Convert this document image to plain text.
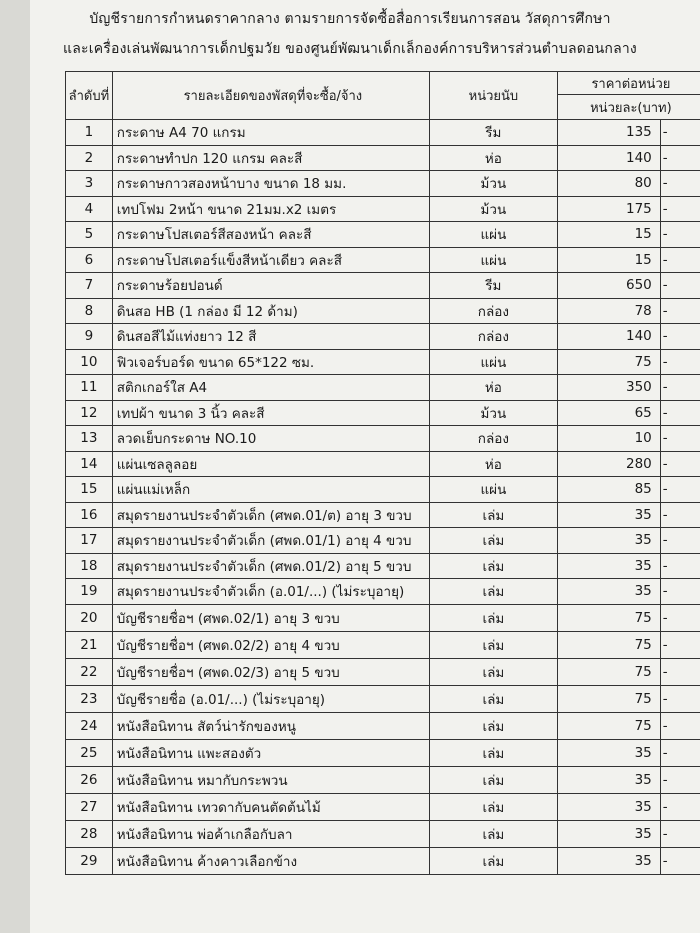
บัญชีรายการกำหนดราคากลาง ตามรายการจัดซื้อสื่อการเรียนการสอน วัสดุการศึกษา
และเครื่องเล่นพัฒนาการเด็กปฐมวัย ของศูนย์พัฒนาเด็กเล็กองค์การบริหารส่วนตำบลดอนกลาง
ลำดับที่	รายละเอียดของพัสดุที่จะซื้อ/จ้าง	หน่วยนับ	ราคาต่อหน่วย	
			หน่วยละ(บาท)	
1	กระดาษ A4 70 แกรม	รีม	135	-
2	กระดาษทำปก 120 แกรม คละสี	ห่อ	140	-
3	กระดาษกาวสองหน้าบาง ขนาด 18 มม.	ม้วน	80	-
4	เทปโฟม 2หน้า ขนาด 21มม.x2 เมตร	ม้วน	175	-
5	กระดาษโปสเตอร์สีสองหน้า คละสี	แผ่น	15	-
6	กระดาษโปสเตอร์แข็งสีหน้าเดียว คละสี	แผ่น	15	-
7	กระดาษร้อยปอนด์	รีม	650	-
8	ดินสอ HB (1 กล่อง มี 12 ด้าม)	กล่อง	78	-
9	ดินสอสีไม้แท่งยาว 12 สี	กล่อง	140	-
10	ฟิวเจอร์บอร์ด ขนาด 65*122 ซม.	แผ่น	75	-
11	สติกเกอร์ใส A4	ห่อ	350	-
12	เทปผ้า ขนาด 3 นิ้ว คละสี	ม้วน	65	-
13	ลวดเย็บกระดาษ NO.10	กล่อง	10	-
14	แผ่นเซลลูลอย	ห่อ	280	-
15	แผ่นแม่เหล็ก	แผ่น	85	-
16	สมุดรายงานประจำตัวเด็ก (ศพด.01/ต) อายุ 3 ขวบ	เล่ม	35	-
17	สมุดรายงานประจำตัวเด็ก (ศพด.01/1) อายุ 4 ขวบ	เล่ม	35	-
18	สมุดรายงานประจำตัวเด็ก (ศพด.01/2) อายุ 5 ขวบ	เล่ม	35	-
19	สมุดรายงานประจำตัวเด็ก (อ.01/...) (ไม่ระบุอายุ)	เล่ม	35	-
20	บัญชีรายชื่อฯ (ศพด.02/1) อายุ 3 ขวบ	เล่ม	75	-
21	บัญชีรายชื่อฯ (ศพด.02/2) อายุ 4 ขวบ	เล่ม	75	-
22	บัญชีรายชื่อฯ (ศพด.02/3) อายุ 5 ขวบ	เล่ม	75	-
23	บัญชีรายชื่อ (อ.01/...) (ไม่ระบุอายุ)	เล่ม	75	-
24	หนังสือนิทาน สัตว์น่ารักของหนู	เล่ม	75	-
25	หนังสือนิทาน แพะสองตัว	เล่ม	35	-
26	หนังสือนิทาน หมากับกระพวน	เล่ม	35	-
27	หนังสือนิทาน เทวดากับคนตัดต้นไม้	เล่ม	35	-
28	หนังสือนิทาน พ่อค้าเกลือกับลา	เล่ม	35	-
29	หนังสือนิทาน ค้างคาวเลือกข้าง	เล่ม	35	-
